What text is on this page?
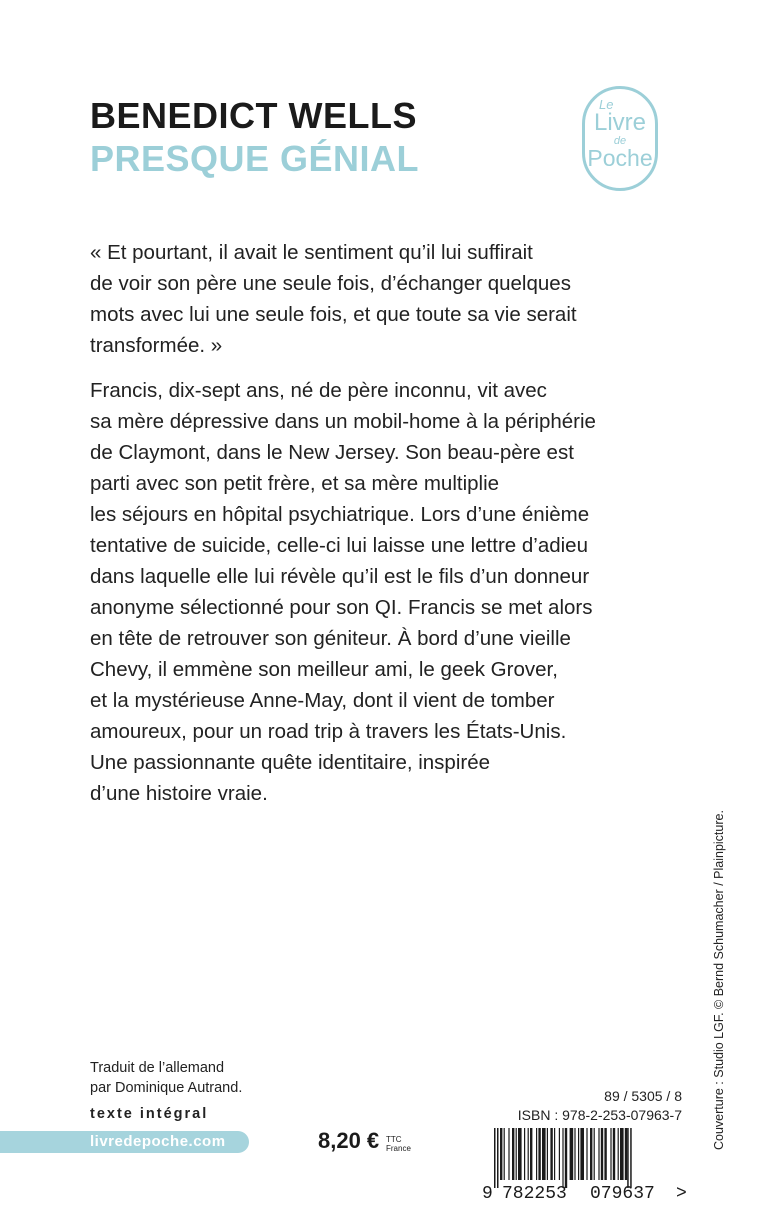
BENEDICT WELLS
PRESQUE GÉNIAL
Le
Livre
de
Poche
« Et pourtant, il avait le sentiment qu’il lui suffirait
de voir son père une seule fois, d’échanger quelques
mots avec lui une seule fois, et que toute sa vie serait
transformée. »
Francis, dix-sept ans, né de père inconnu, vit avec
sa mère dépressive dans un mobil-home à la périphérie
de Claymont, dans le New Jersey. Son beau-père est
parti avec son petit frère, et sa mère multiplie
les séjours en hôpital psychiatrique. Lors d’une énième
tentative de suicide, celle-ci lui laisse une lettre d’adieu
dans laquelle elle lui révèle qu’il est le fils d’un donneur
anonyme sélectionné pour son QI. Francis se met alors
en tête de retrouver son géniteur. À bord d’une vieille
Chevy, il emmène son meilleur ami, le geek Grover,
et la mystérieuse Anne-May, dont il vient de tomber
amoureux, pour un road trip à travers les États-Unis.
Une passionnante quête identitaire, inspirée
d’une histoire vraie.
Couverture : Studio LGF. © Bernd Schumacher / Plainpicture.
Traduit de l’allemand
par Dominique Autrand.
texte intégral
livredepoche.com	8,20 € TTC
France
89 / 5305 / 8
ISBN : 978-2-253-07963-7
9 782253 079637 >
